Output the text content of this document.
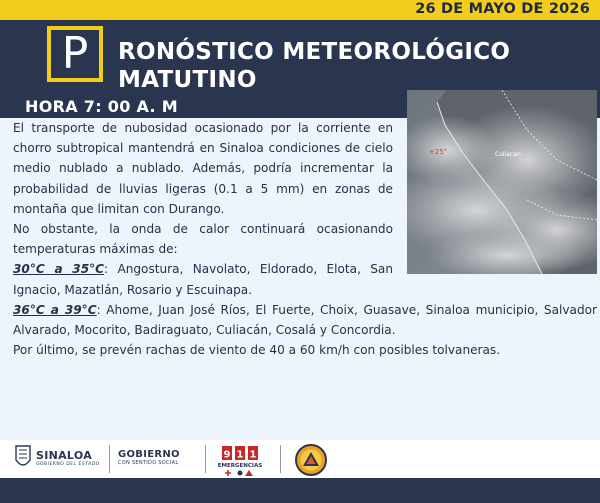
26 DE MAYO DE 2026
P RONÓSTICO METEOROLÓGICO MATUTINO
HORA 7: 00 A. M
+25°	Culiacan

El transporte de nubosidad ocasionado por la corriente en chorro subtropical mantendrá en Sinaloa condiciones de cielo medio nublado a nublado. Además, podría incrementar la probabilidad de lluvias ligeras (0.1 a 5 mm) en zonas de montaña que limitan con Durango.

No obstante, la onda de calor continuará ocasionando temperaturas máximas de:

30°C a 35°C: Angostura, Navolato, Eldorado, Elota, San Ignacio, Mazatlán, Rosario y Escuinapa.

36°C a 39°C: Ahome, Juan José Ríos, El Fuerte, Choix, Guasave, Sinaloa municipio, Salvador Alvarado, Mocorito, Badiraguato, Culiacán, Cosalá y Concordia.

Por último, se prevén rachas de viento de 40 a 60 km/h con posibles tolvaneras.

SINALOA
GOBIERNO DEL ESTADO
GOBIERNO
CON SENTIDO SOCIAL
9 1 1
EMERGENCIAS
